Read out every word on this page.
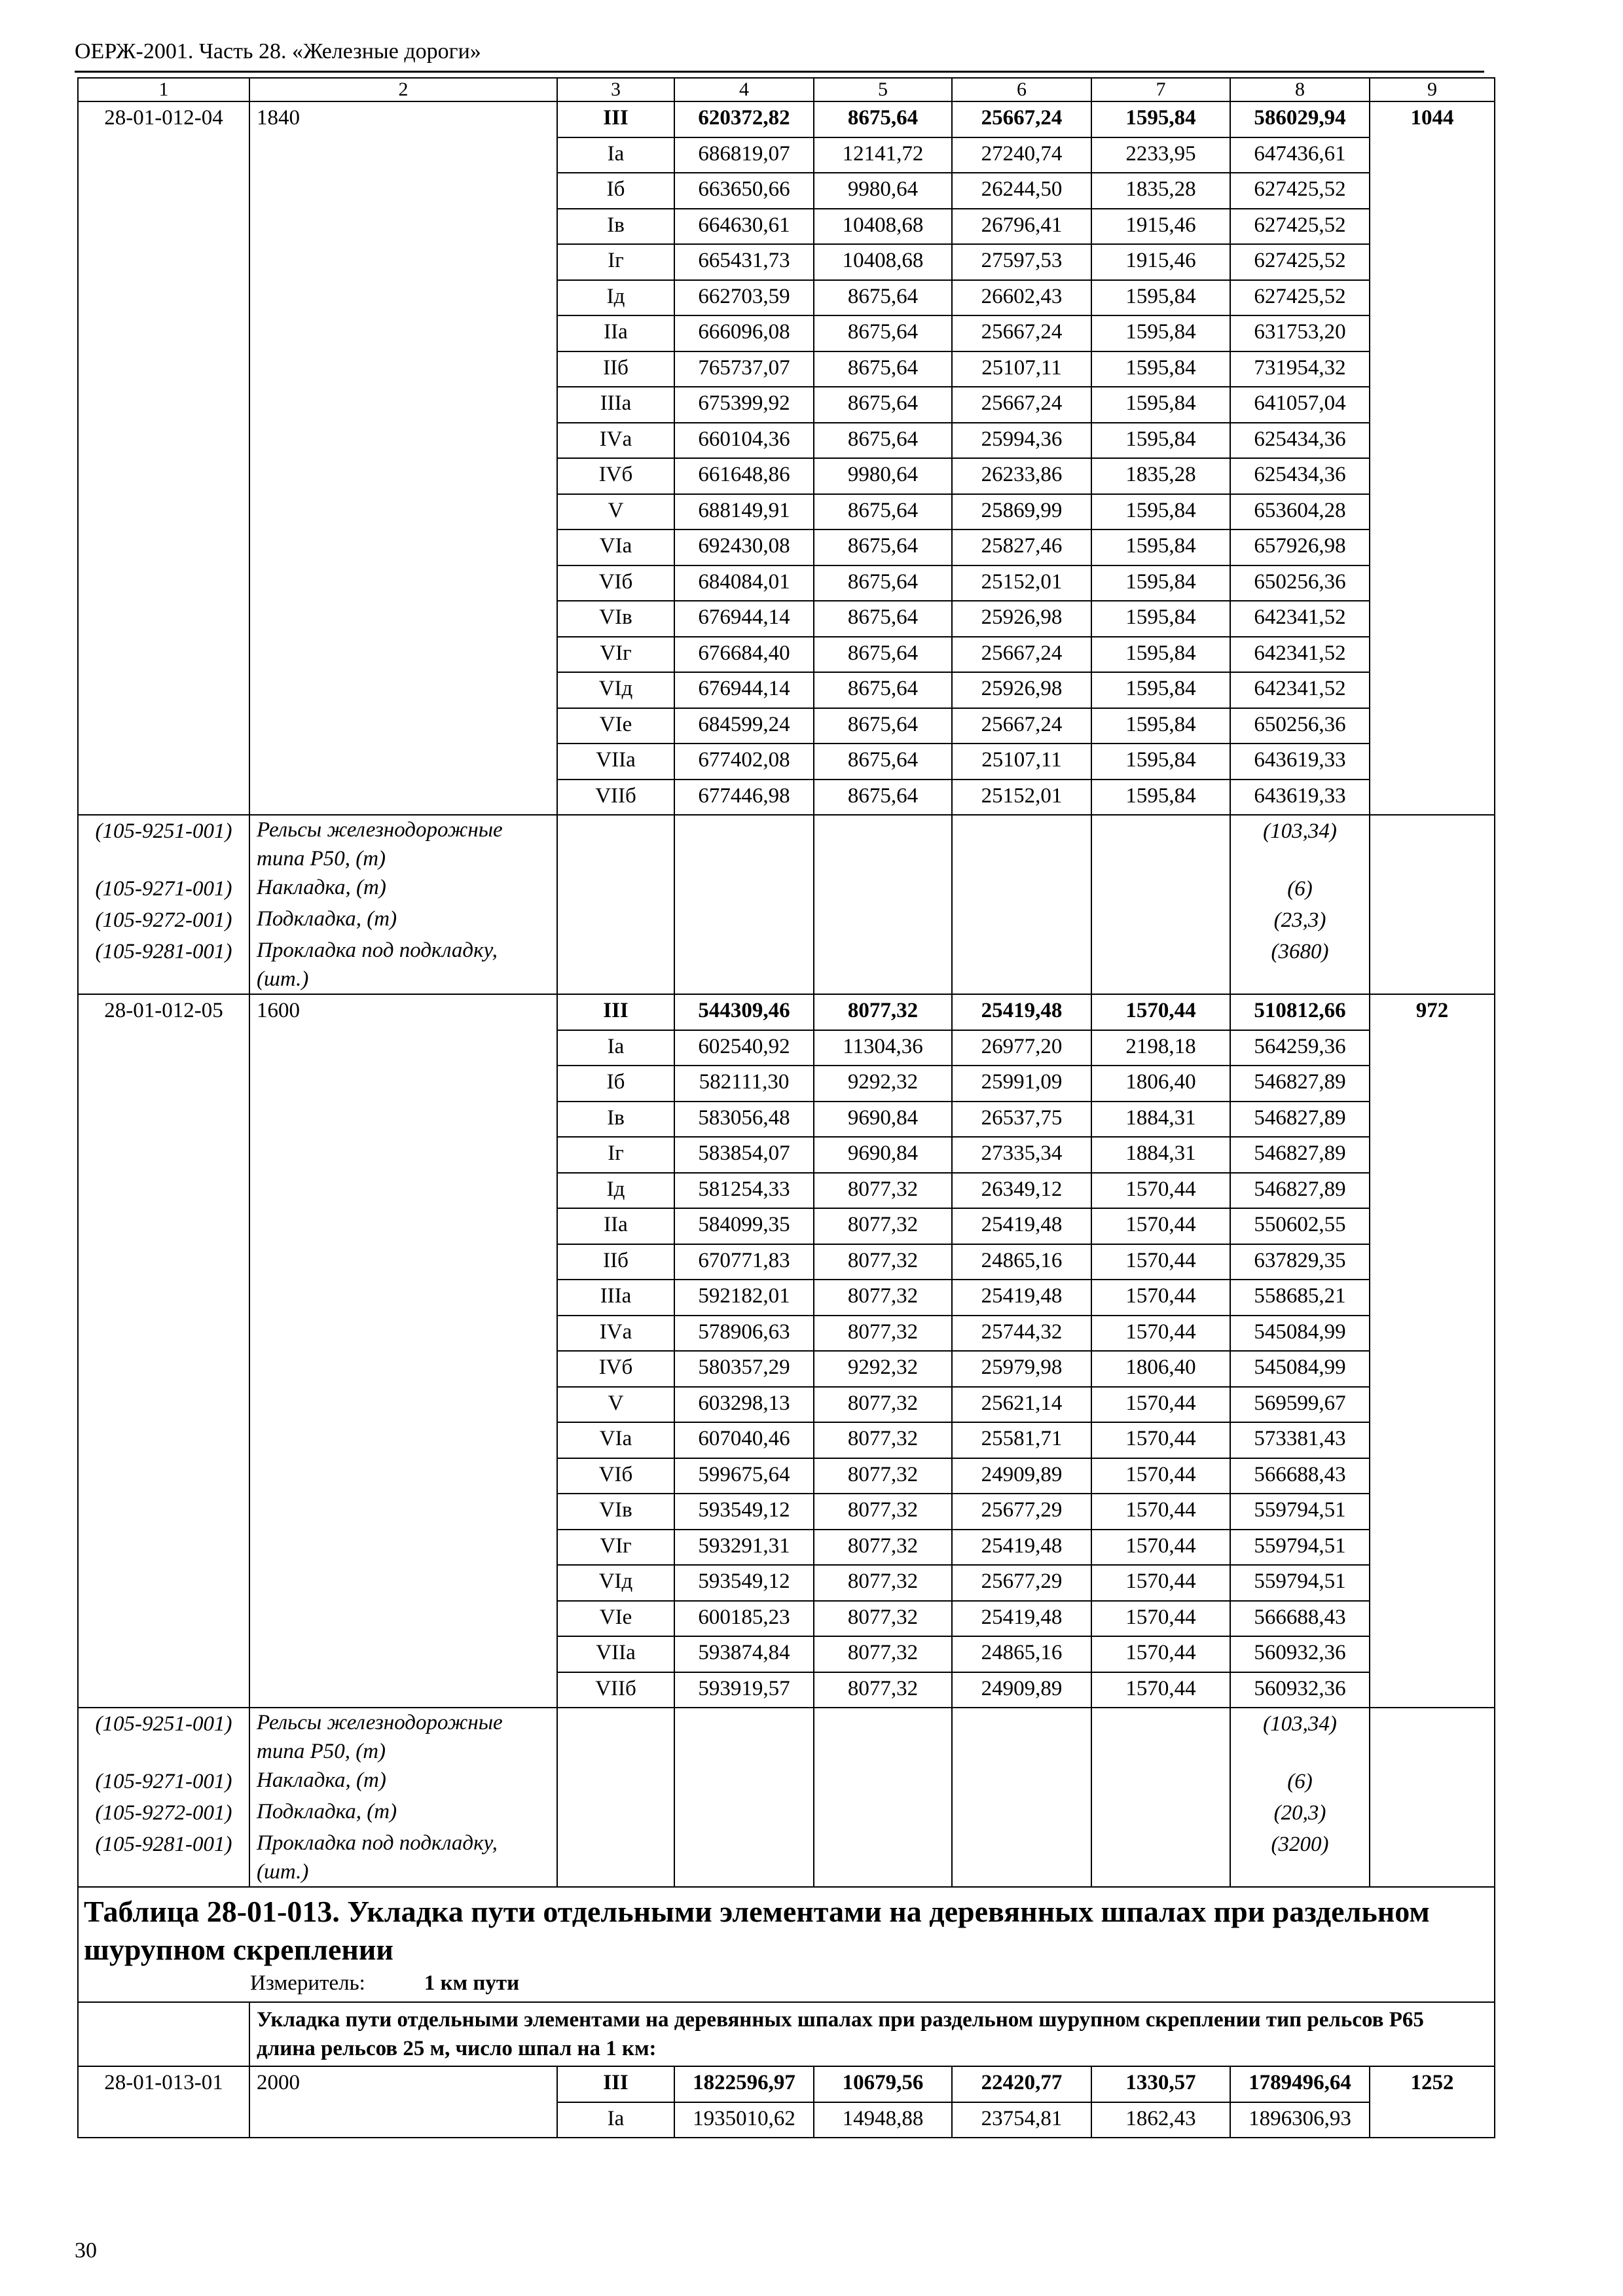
ОЕРЖ-2001. Часть 28. «Железные дороги»
1	2	3	4	5	6	7	8	9
28-01-012-04	1840	III	620372,82	8675,64	25667,24	1595,84	586029,94	1044
		Iа	686819,07	12141,72	27240,74	2233,95	647436,61	
		Iб	663650,66	9980,64	26244,50	1835,28	627425,52	
		Iв	664630,61	10408,68	26796,41	1915,46	627425,52	
		Iг	665431,73	10408,68	27597,53	1915,46	627425,52	
		Iд	662703,59	8675,64	26602,43	1595,84	627425,52	
		IIа	666096,08	8675,64	25667,24	1595,84	631753,20	
		IIб	765737,07	8675,64	25107,11	1595,84	731954,32	
		IIIа	675399,92	8675,64	25667,24	1595,84	641057,04	
		IVа	660104,36	8675,64	25994,36	1595,84	625434,36	
		IVб	661648,86	9980,64	26233,86	1835,28	625434,36	
		V	688149,91	8675,64	25869,99	1595,84	653604,28	
		VIа	692430,08	8675,64	25827,46	1595,84	657926,98	
		VIб	684084,01	8675,64	25152,01	1595,84	650256,36	
		VIв	676944,14	8675,64	25926,98	1595,84	642341,52	
		VIг	676684,40	8675,64	25667,24	1595,84	642341,52	
		VIд	676944,14	8675,64	25926,98	1595,84	642341,52	
		VIе	684599,24	8675,64	25667,24	1595,84	650256,36	
		VIIа	677402,08	8675,64	25107,11	1595,84	643619,33	
		VIIб	677446,98	8675,64	25152,01	1595,84	643619,33	
(105-9251-001)	Рельсы железнодорожные типа Р50, (т)						(103,34)	
(105-9271-001)	Накладка, (т)						(6)	
(105-9272-001)	Подкладка, (т)						(23,3)	
(105-9281-001)	Прокладка под подкладку, (шт.)						(3680)	
28-01-012-05	1600	III	544309,46	8077,32	25419,48	1570,44	510812,66	972
		Iа	602540,92	11304,36	26977,20	2198,18	564259,36	
		Iб	582111,30	9292,32	25991,09	1806,40	546827,89	
		Iв	583056,48	9690,84	26537,75	1884,31	546827,89	
		Iг	583854,07	9690,84	27335,34	1884,31	546827,89	
		Iд	581254,33	8077,32	26349,12	1570,44	546827,89	
		IIа	584099,35	8077,32	25419,48	1570,44	550602,55	
		IIб	670771,83	8077,32	24865,16	1570,44	637829,35	
		IIIа	592182,01	8077,32	25419,48	1570,44	558685,21	
		IVа	578906,63	8077,32	25744,32	1570,44	545084,99	
		IVб	580357,29	9292,32	25979,98	1806,40	545084,99	
		V	603298,13	8077,32	25621,14	1570,44	569599,67	
		VIа	607040,46	8077,32	25581,71	1570,44	573381,43	
		VIб	599675,64	8077,32	24909,89	1570,44	566688,43	
		VIв	593549,12	8077,32	25677,29	1570,44	559794,51	
		VIг	593291,31	8077,32	25419,48	1570,44	559794,51	
		VIд	593549,12	8077,32	25677,29	1570,44	559794,51	
		VIе	600185,23	8077,32	25419,48	1570,44	566688,43	
		VIIа	593874,84	8077,32	24865,16	1570,44	560932,36	
		VIIб	593919,57	8077,32	24909,89	1570,44	560932,36	
(105-9251-001)	Рельсы железнодорожные типа Р50, (т)						(103,34)	
(105-9271-001)	Накладка, (т)						(6)	
(105-9272-001)	Подкладка, (т)						(20,3)	
(105-9281-001)	Прокладка под подкладку, (шт.)						(3200)	

Таблица 28-01-013. Укладка пути отдельными элементами на деревянных шпалах при раздельном шурупном скреплении
Измеритель: 1 км пути								

	Укладка пути отдельными элементами на деревянных шпалах при раздельном шурупном скреплении тип рельсов Р65 длина рельсов 25 м, число шпал на 1 км:							
28-01-013-01	2000	III	1822596,97	10679,56	22420,77	1330,57	1789496,64	1252
		Iа	1935010,62	14948,88	23754,81	1862,43	1896306,93	
30
